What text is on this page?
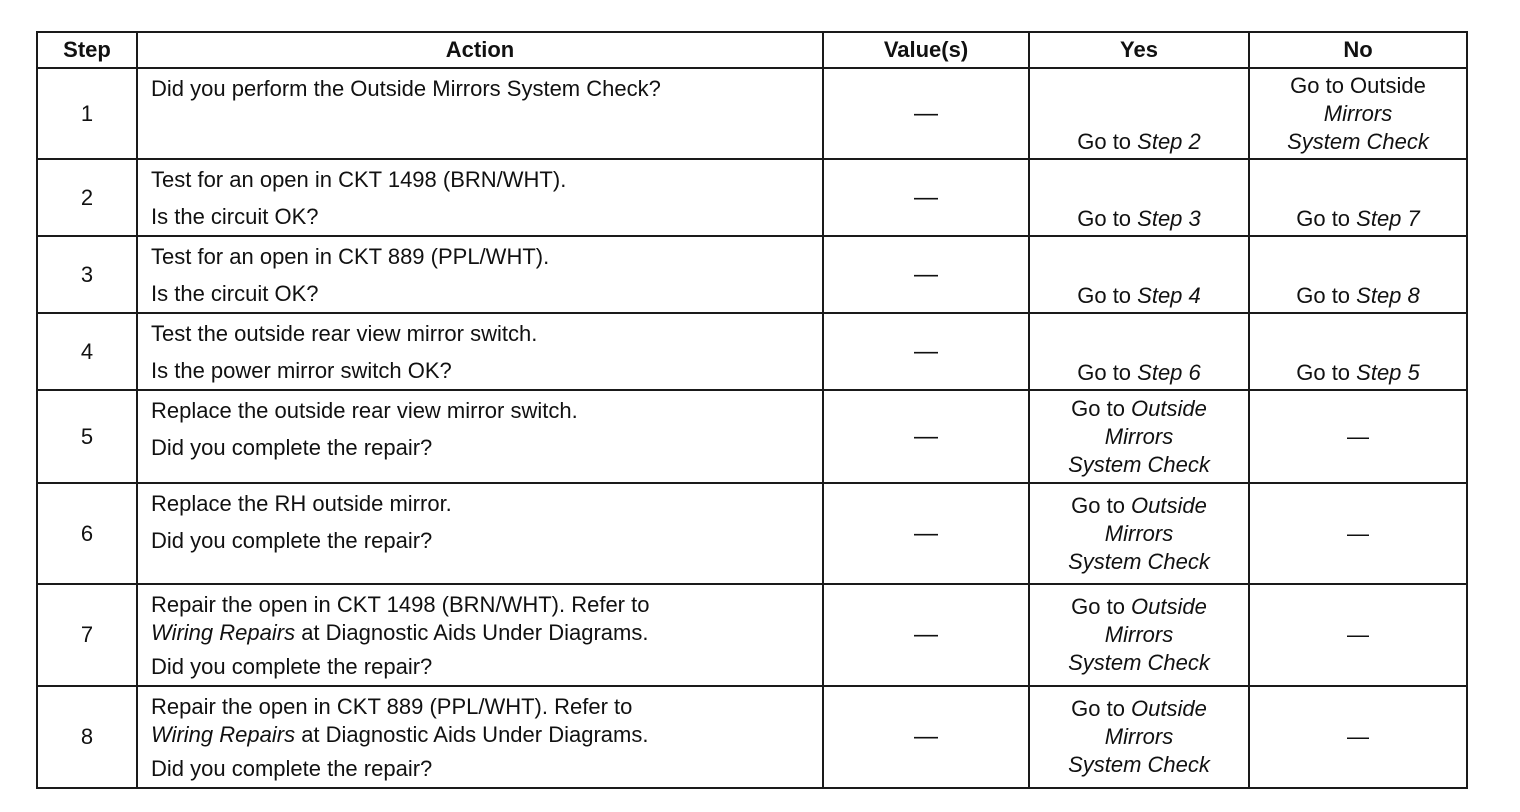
Step	Action	Value(s)	Yes	No
1	Did you perform the Outside Mirrors System Check?	—	Go to Step 2	Go to Outside
Mirrors
System Check

2	Test for an open in CKT 1498 (BRN/WHT).
Is the circuit OK?	—	Go to Step 3	Go to Step 7
3	Test for an open in CKT 889 (PPL/WHT).
Is the circuit OK?	—	Go to Step 4	Go to Step 8
4	Test the outside rear view mirror switch.
Is the power mirror switch OK?	—	Go to Step 6	Go to Step 5
5	Replace the outside rear view mirror switch.
Did you complete the repair?	—	Go to Outside
Mirrors
System Check	—
6	Replace the RH outside mirror.
Did you complete the repair?	—	Go to Outside
Mirrors
System Check	—
7	Repair the open in CKT 1498 (BRN/WHT). Refer to
Wiring Repairs at Diagnostic Aids Under Diagrams.
Did you complete the repair?	—	Go to Outside
Mirrors
System Check	—
8	Repair the open in CKT 889 (PPL/WHT). Refer to
Wiring Repairs at Diagnostic Aids Under Diagrams.
Did you complete the repair?	—	Go to Outside
Mirrors
System Check	—
